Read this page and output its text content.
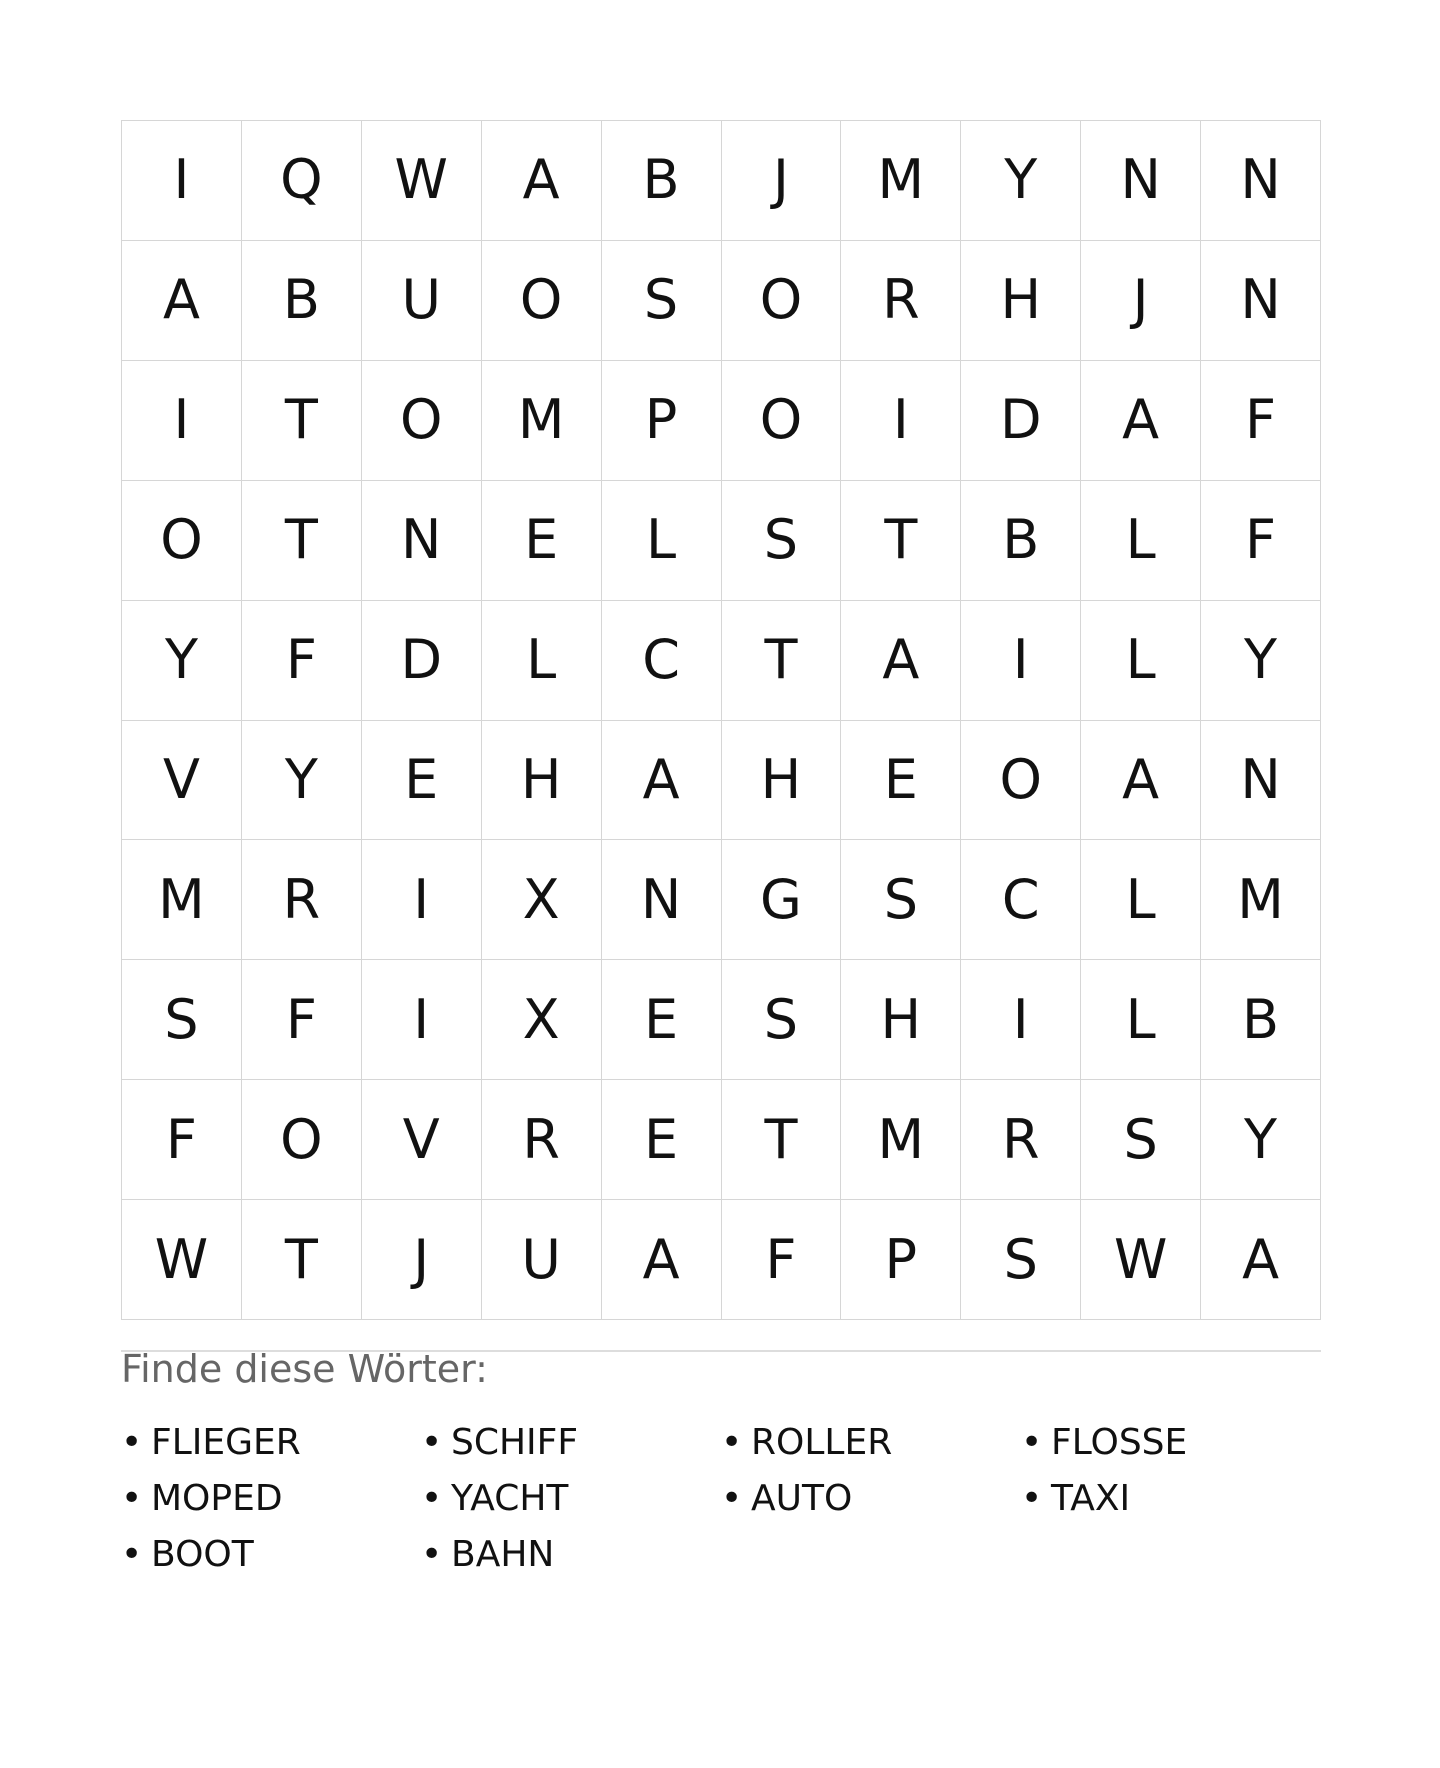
I	Q	W	A	B	J	M	Y	N	N
A	B	U	O	S	O	R	H	J	N
I	T	O	M	P	O	I	D	A	F
O	T	N	E	L	S	T	B	L	F
Y	F	D	L	C	T	A	I	L	Y
V	Y	E	H	A	H	E	O	A	N
M	R	I	X	N	G	S	C	L	M
S	F	I	X	E	S	H	I	L	B
F	O	V	R	E	T	M	R	S	Y
W	T	J	U	A	F	P	S	W	A
Finde diese Wörter:
• FLIEGER	• SCHIFF	• ROLLER	• FLOSSE
• MOPED	• YACHT	• AUTO	• TAXI
• BOOT	• BAHN
